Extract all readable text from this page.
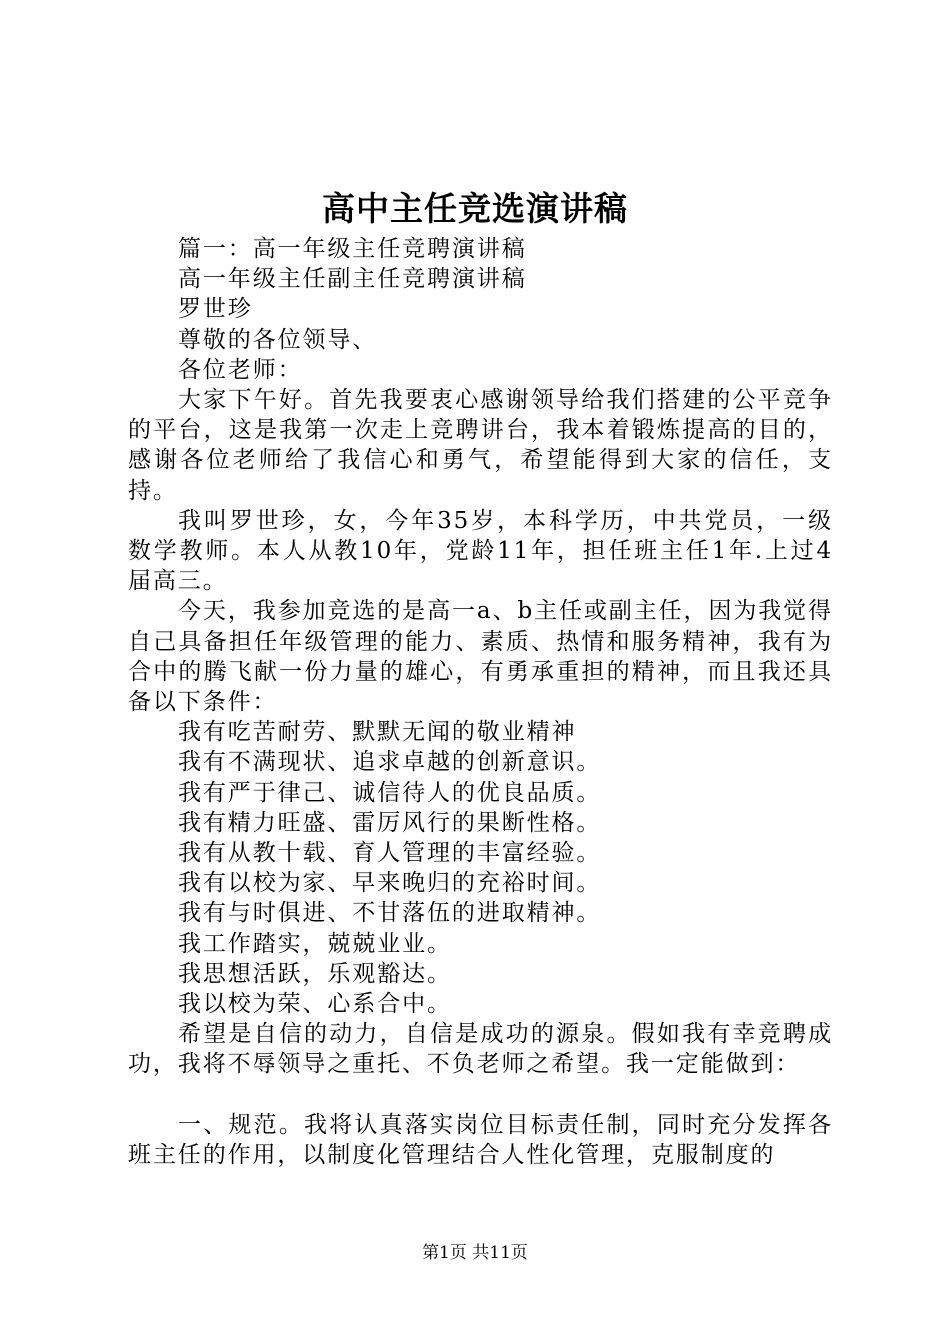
高中主任竞选演讲稿

篇一：高一年级主任竞聘演讲稿

高一年级主任副主任竞聘演讲稿

罗世珍

尊敬的各位领导、

各位老师：

大家下午好。首先我要衷心感谢领导给我们搭建的公平竞争的平台，这是我第一次走上竞聘讲台，我本着锻炼提高的目的，感谢各位老师给了我信心和勇气，希望能得到大家的信任，支持。

我叫罗世珍，女，今年35岁，本科学历，中共党员，一级数学教师。本人从教10年，党龄11年，担任班主任1年.上过4届高三。

今天，我参加竞选的是高一a、b主任或副主任，因为我觉得自己具备担任年级管理的能力、素质、热情和服务精神，我有为合中的腾飞献一份力量的雄心，有勇承重担的精神，而且我还具备以下条件：

我有吃苦耐劳、默默无闻的敬业精神

我有不满现状、追求卓越的创新意识。

我有严于律己、诚信待人的优良品质。

我有精力旺盛、雷厉风行的果断性格。

我有从教十载、育人管理的丰富经验。

我有以校为家、早来晚归的充裕时间。

我有与时俱进、不甘落伍的进取精神。

我工作踏实，兢兢业业。

我思想活跃，乐观豁达。

我以校为荣、心系合中。

希望是自信的动力，自信是成功的源泉。假如我有幸竞聘成功，我将不辱领导之重托、不负老师之希望。我一定能做到：

一、规范。我将认真落实岗位目标责任制，同时充分发挥各班主任的作用，以制度化管理结合人性化管理，克服制度的

第1页 共11页
